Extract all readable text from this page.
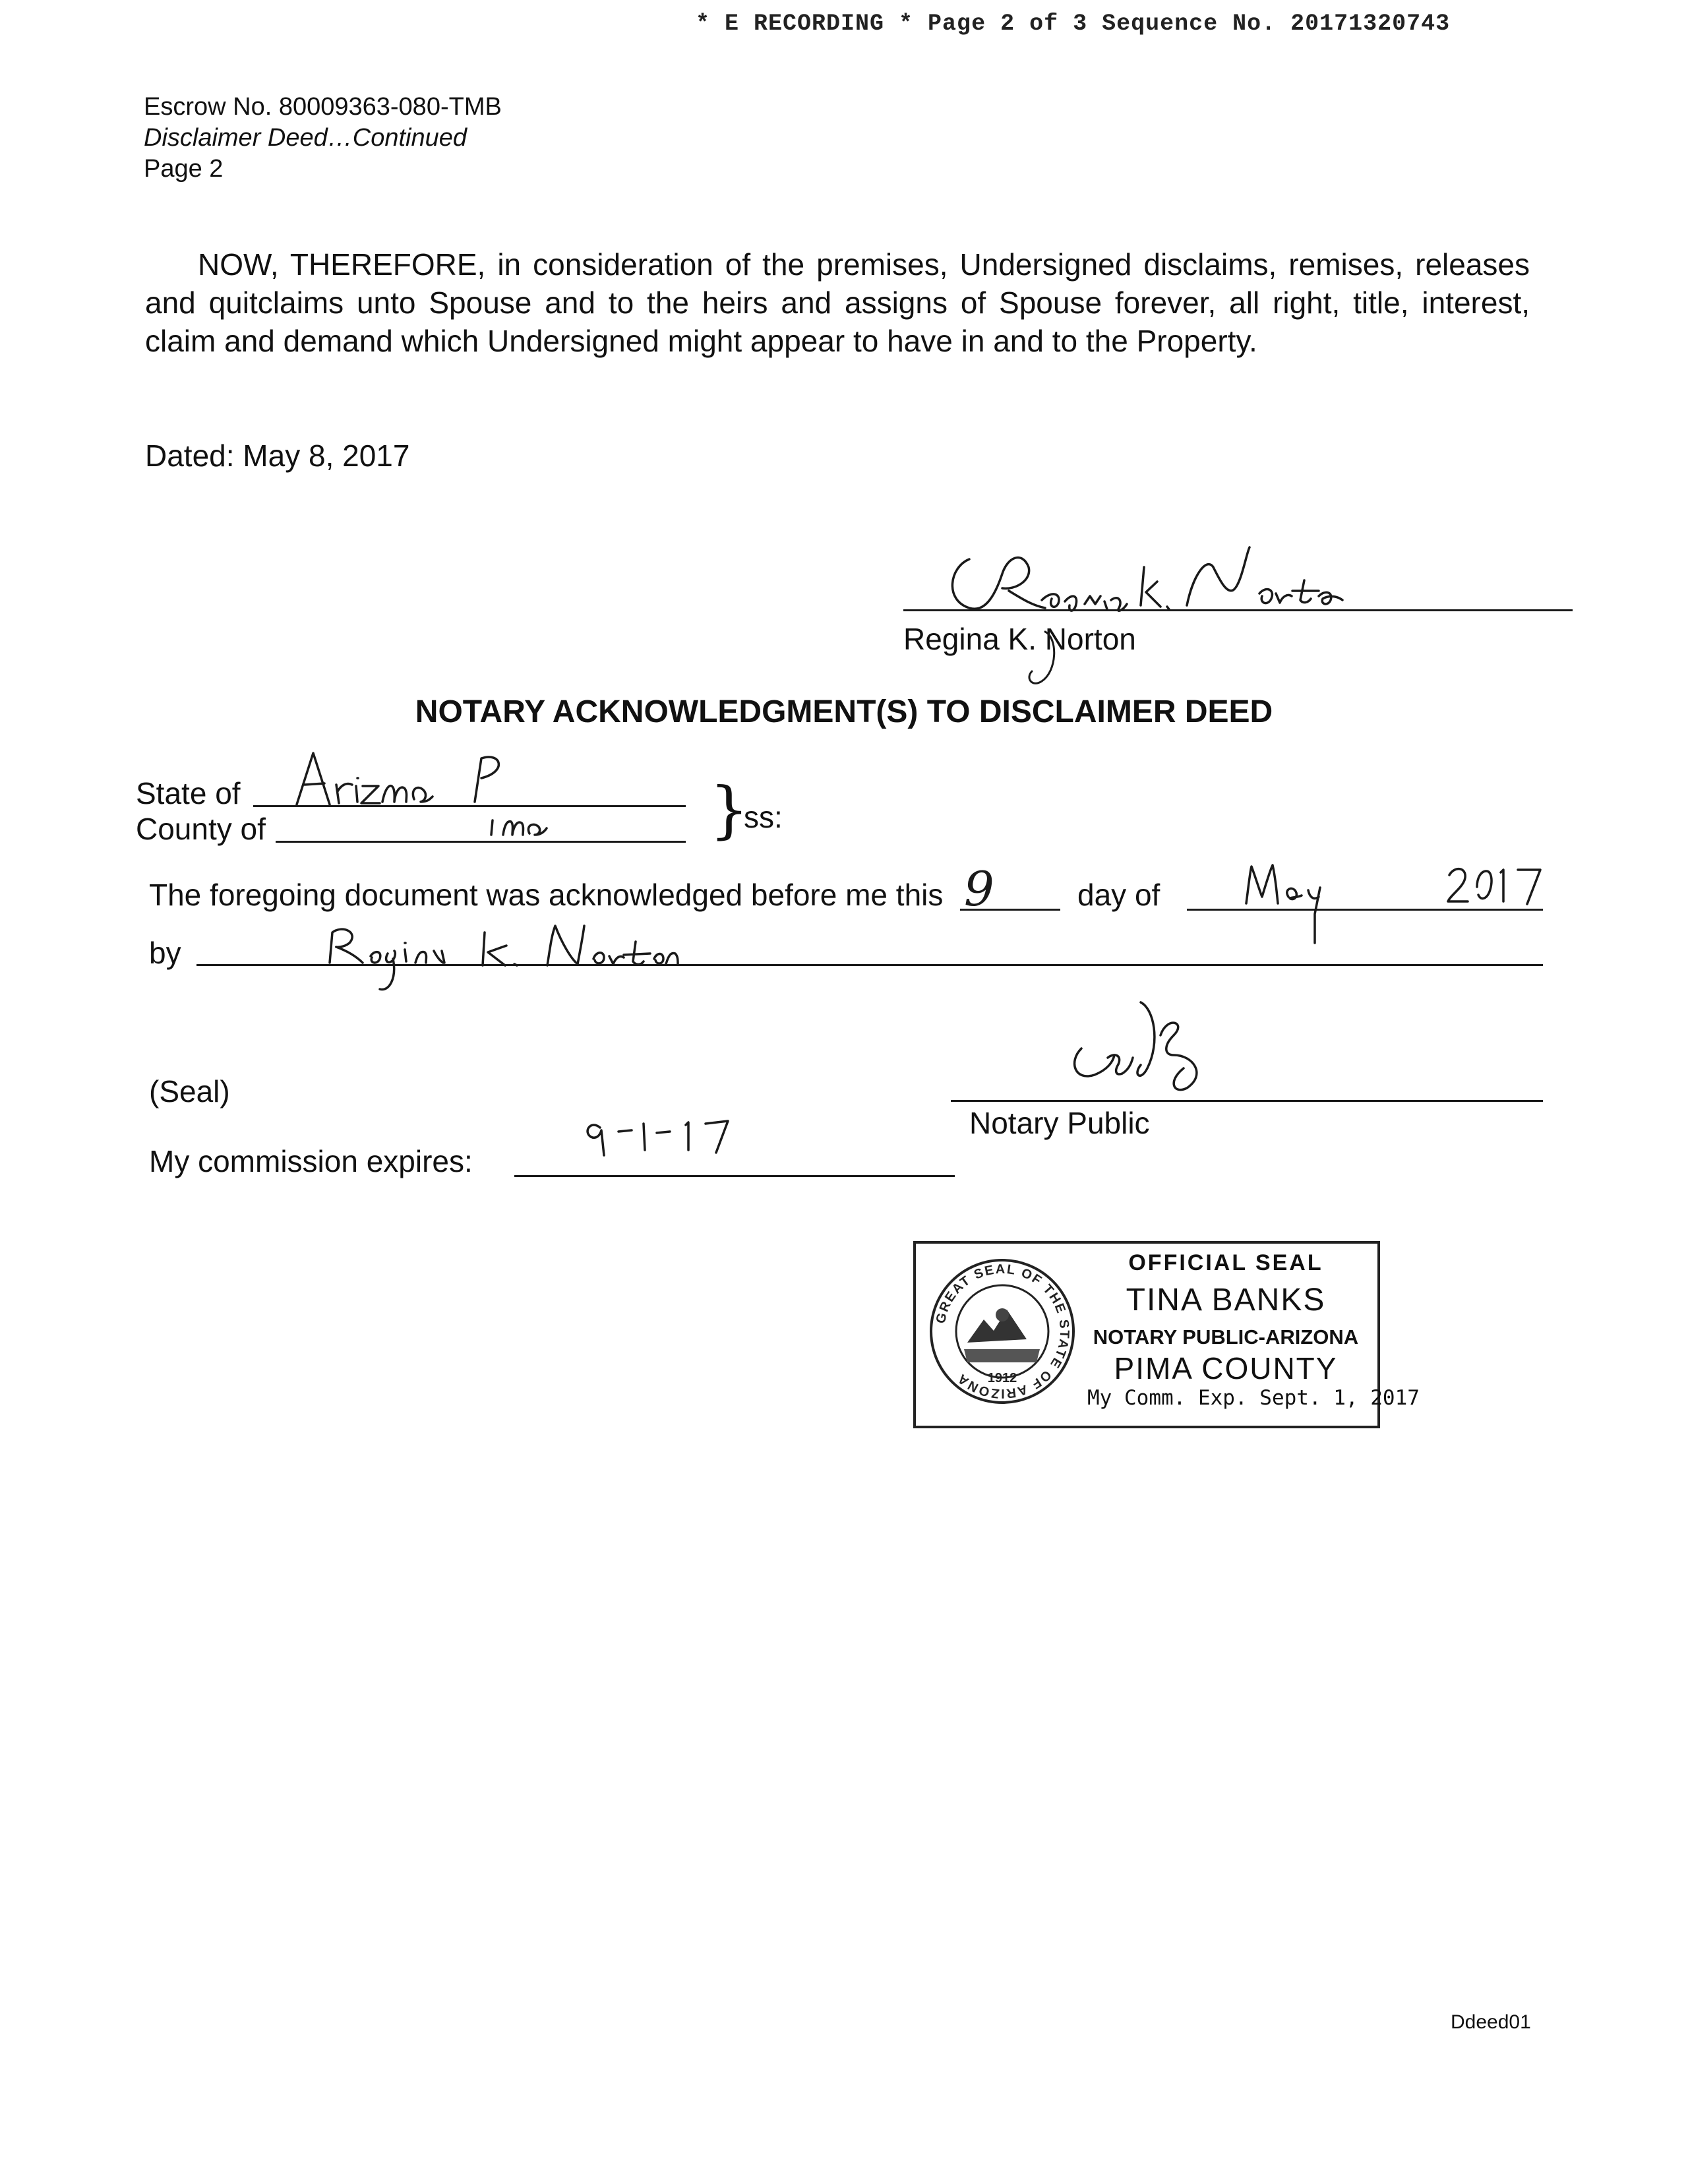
* E RECORDING * Page 2 of 3 Sequence No. 20171320743
Escrow No. 80009363-080-TMB
Disclaimer Deed…Continued
Page 2
NOW, THEREFORE, in consideration of the premises, Undersigned disclaims, remises, releases and quitclaims unto Spouse and to the heirs and assigns of Spouse forever, all right, title, interest, claim and demand which Undersigned might appear to have in and to the Property.
Dated: May 8, 2017
Regina K. Norton
NOTARY ACKNOWLEDGMENT(S) TO DISCLAIMER DEED
State of
County of	}
ss:
The foregoing document was acknowledged before me this 9	day of
by
Notary Public
(Seal)
My commission expires:
GREAT SEAL OF THE STATE OF ARIZONA	1912
OFFICIAL SEAL
TINA BANKS
NOTARY PUBLIC-ARIZONA
PIMA COUNTY
My Comm. Exp. Sept. 1, 2017
Ddeed01
